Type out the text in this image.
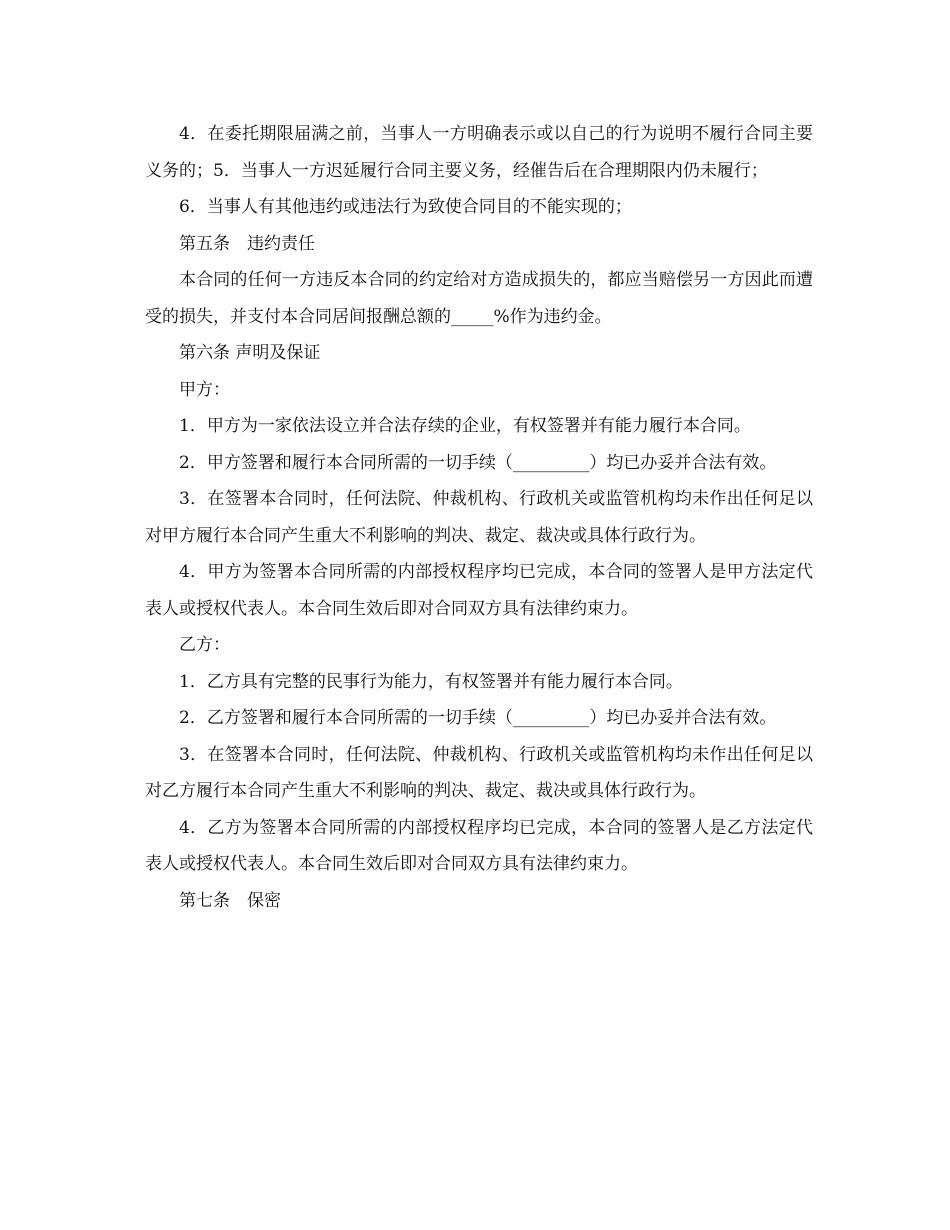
4．在委托期限届满之前，当事人一方明确表示或以自己的行为说明不履行合同主要义务的；5．当事人一方迟延履行合同主要义务，经催告后在合理期限内仍未履行；

6．当事人有其他违约或违法行为致使合同目的不能实现的；

第五条　违约责任

本合同的任何一方违反本合同的约定给对方造成损失的，都应当赔偿另一方因此而遭受的损失，并支付本合同居间报酬总额的_____%作为违约金。

第六条 声明及保证

甲方：

1．甲方为一家依法设立并合法存续的企业，有权签署并有能力履行本合同。

2．甲方签署和履行本合同所需的一切手续（_________）均已办妥并合法有效。

3．在签署本合同时，任何法院、仲裁机构、行政机关或监管机构均未作出任何足以对甲方履行本合同产生重大不利影响的判决、裁定、裁决或具体行政行为。

4．甲方为签署本合同所需的内部授权程序均已完成，本合同的签署人是甲方法定代表人或授权代表人。本合同生效后即对合同双方具有法律约束力。

乙方：

1．乙方具有完整的民事行为能力，有权签署并有能力履行本合同。

2．乙方签署和履行本合同所需的一切手续（_________）均已办妥并合法有效。

3．在签署本合同时，任何法院、仲裁机构、行政机关或监管机构均未作出任何足以对乙方履行本合同产生重大不利影响的判决、裁定、裁决或具体行政行为。

4．乙方为签署本合同所需的内部授权程序均已完成，本合同的签署人是乙方法定代表人或授权代表人。本合同生效后即对合同双方具有法律约束力。

第七条　保密
